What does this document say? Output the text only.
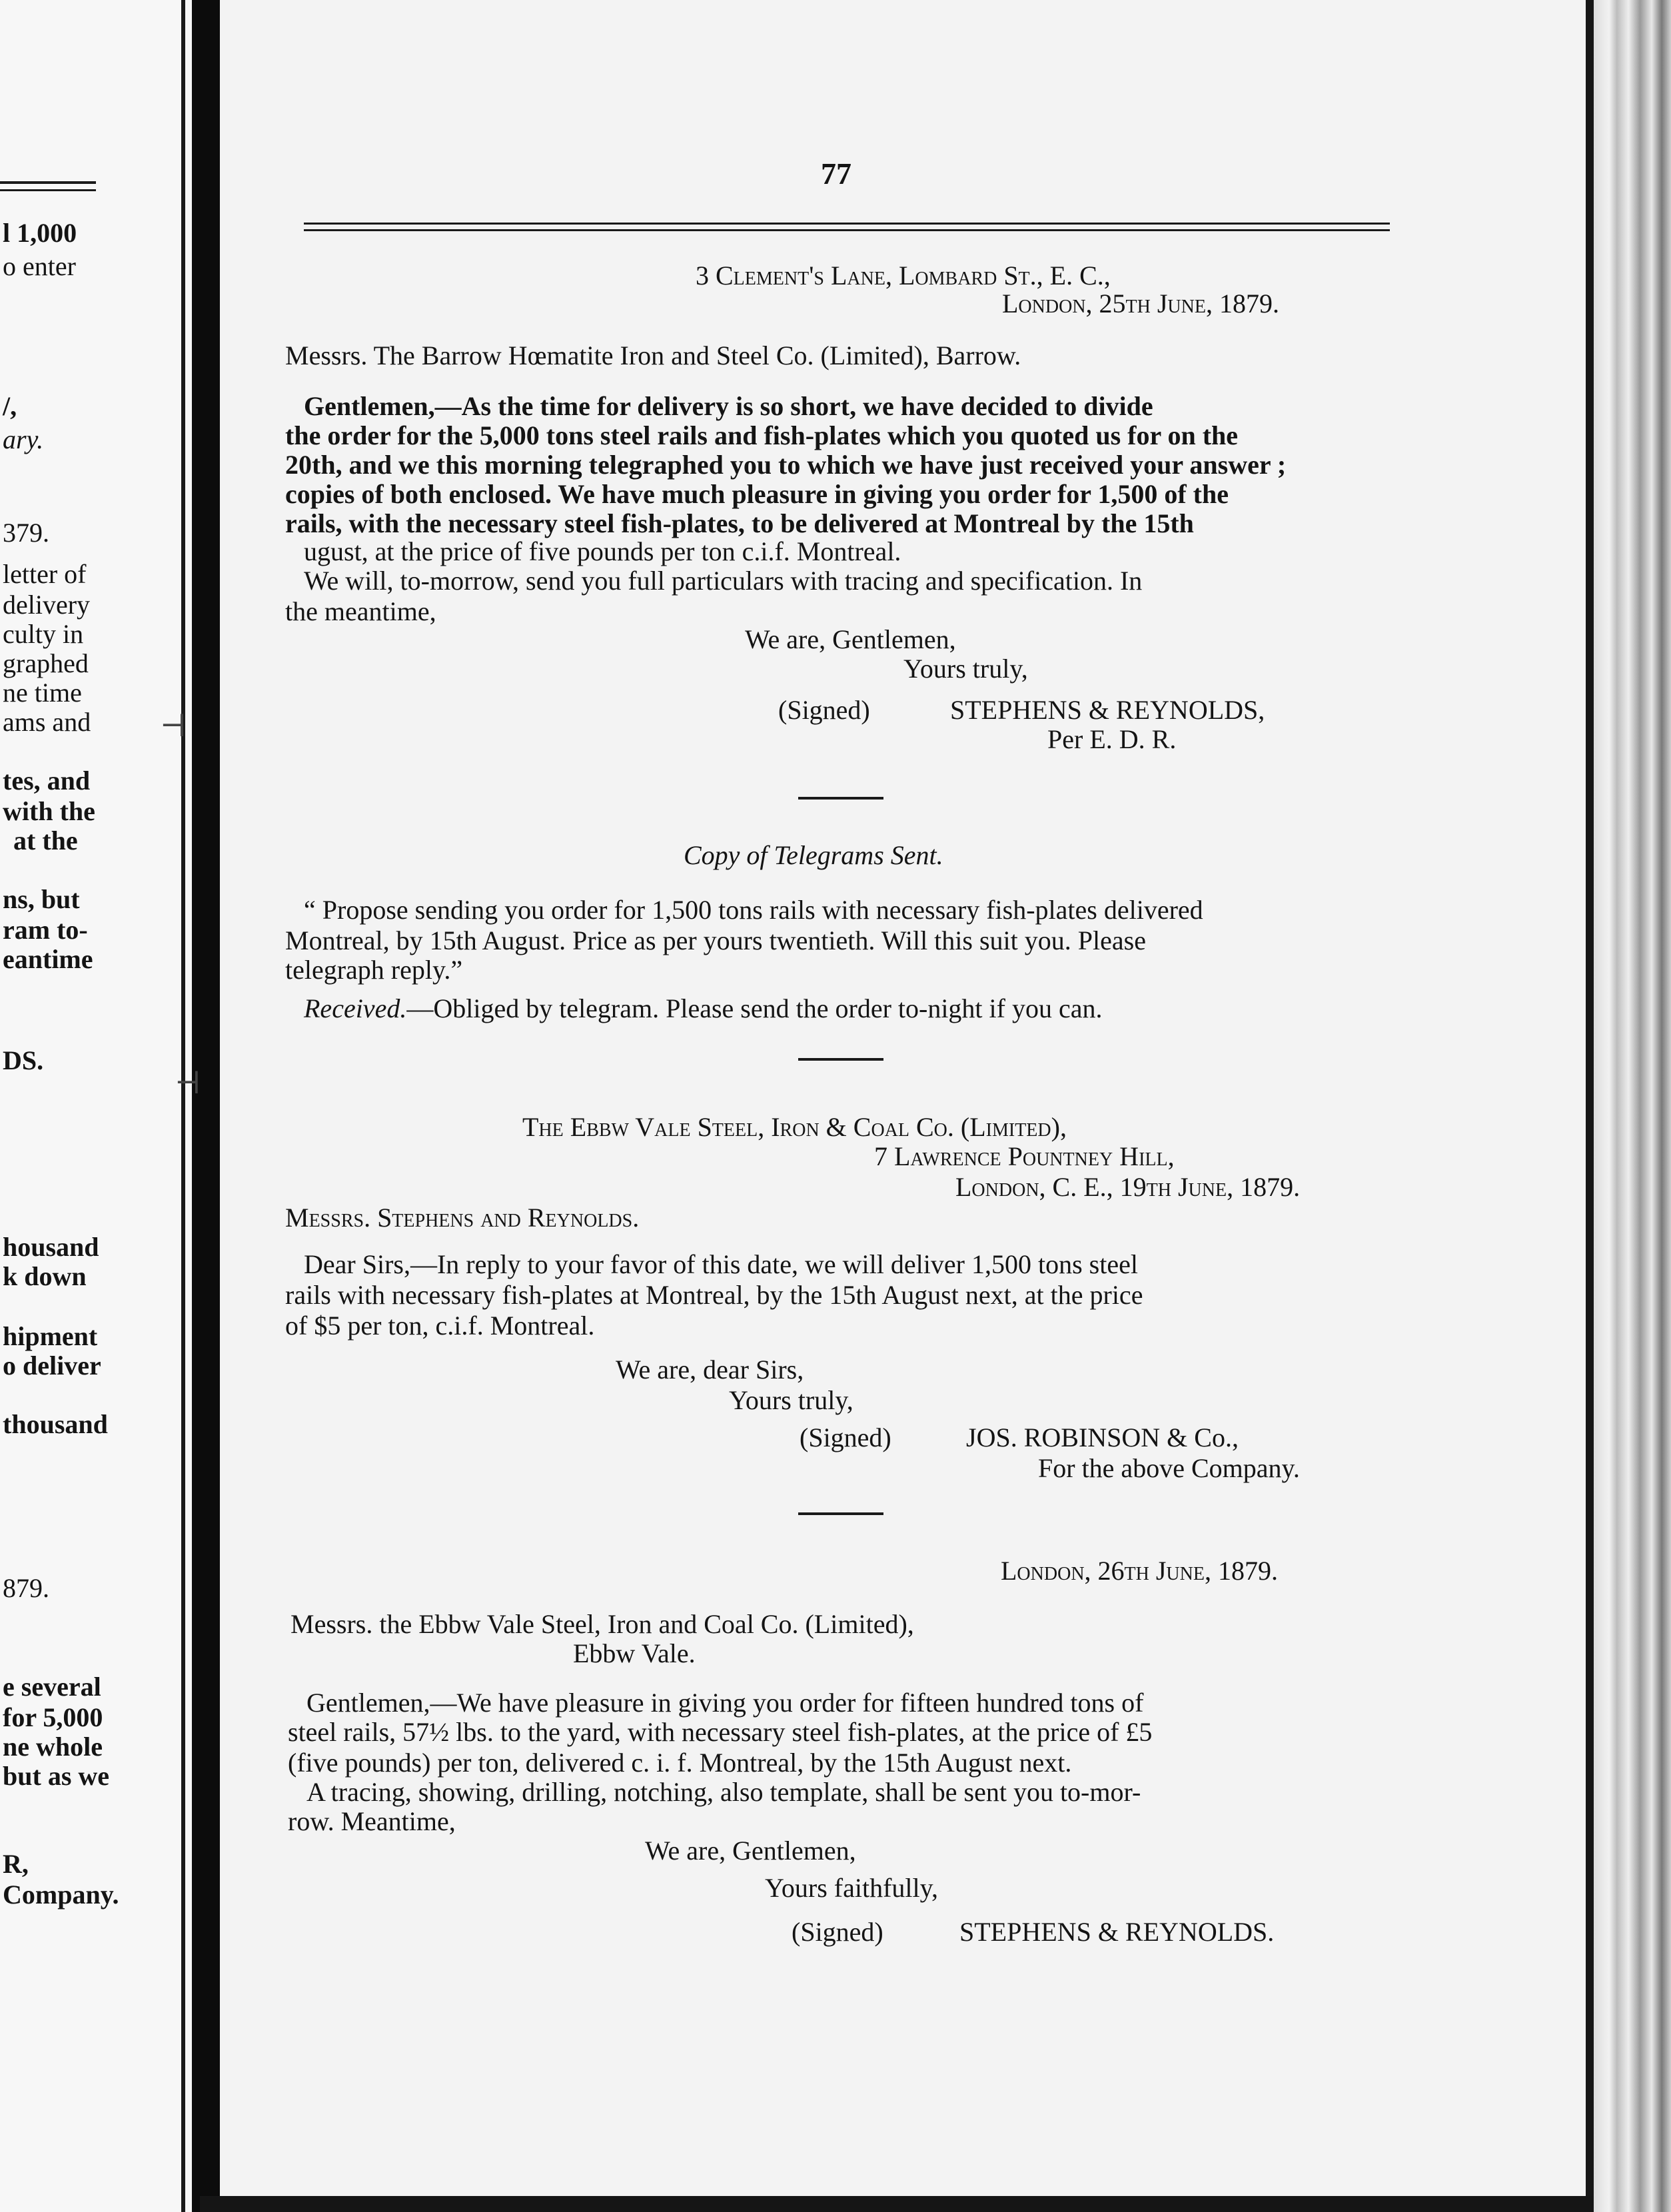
l 1,000
o enter
/,
ary.
379.
letter of
delivery
culty in
graphed
ne time
ams and
tes, and
with the
at the
ns, but
ram to-
eantime
DS.
housand
k down
hipment
o deliver
thousand
879.
e several
for 5,000
ne whole
but as we
R,
Company.
⊣
⊣
77
3 Clement's Lane, Lombard St., E. C.,
London, 25th June, 1879.
Messrs. The Barrow Hœmatite Iron and Steel Co. (Limited), Barrow.
Gentlemen,—As the time for delivery is so short, we have decided to divide
the order for the 5,000 tons steel rails and fish-plates which you quoted us for on the
20th, and we this morning telegraphed you to which we have just received your answer ;
copies of both enclosed. We have much pleasure in giving you order for 1,500 of the
rails, with the necessary steel fish-plates, to be delivered at Montreal by the 15th
ugust, at the price of five pounds per ton c.i.f. Montreal.
We will, to-morrow, send you full particulars with tracing and specification. In
the meantime,
We are, Gentlemen,
Yours truly,
(Signed)	STEPHENS & REYNOLDS,
Per E. D. R.
Copy of Telegrams Sent.
“ Propose sending you order for 1,500 tons rails with necessary fish-plates delivered
Montreal, by 15th August. Price as per yours twentieth. Will this suit you. Please
telegraph reply.”
Received.—Obliged by telegram. Please send the order to-night if you can.
The Ebbw Vale Steel, Iron & Coal Co. (Limited),
7 Lawrence Pountney Hill,
London, C. E., 19th June, 1879.
Messrs. Stephens and Reynolds.
Dear Sirs,—In reply to your favor of this date, we will deliver 1,500 tons steel
rails with necessary fish-plates at Montreal, by the 15th August next, at the price
of $5 per ton, c.i.f. Montreal.
We are, dear Sirs,
Yours truly,
(Signed)	JOS. ROBINSON & Co.,
For the above Company.
London, 26th June, 1879.
Messrs. the Ebbw Vale Steel, Iron and Coal Co. (Limited),
Ebbw Vale.
Gentlemen,—We have pleasure in giving you order for fifteen hundred tons of
steel rails, 57½ lbs. to the yard, with necessary steel fish-plates, at the price of £5
(five pounds) per ton, delivered c. i. f. Montreal, by the 15th August next.
A tracing, showing, drilling, notching, also template, shall be sent you to-mor-
row. Meantime,
We are, Gentlemen,
Yours faithfully,
(Signed)	STEPHENS & REYNOLDS.
